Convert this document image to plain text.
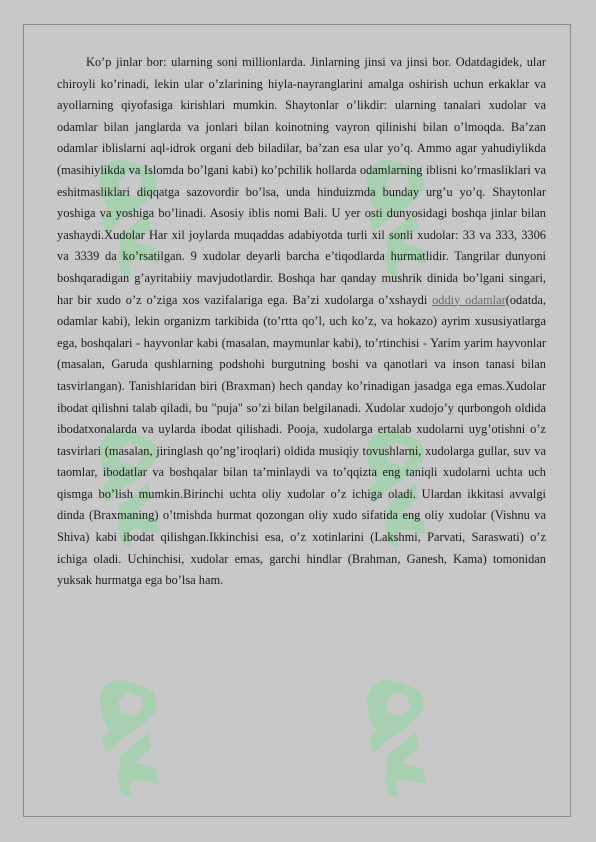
Ko’p jinlar bor: ularning soni millionlarda. Jinlarning jinsi va jinsi bor. Odatdagidek, ular chiroyli ko’rinadi, lekin ular o’zlarining hiyla-nayranglarini amalga oshirish uchun erkaklar va ayollarning qiyofasiga kirishlari mumkin. Shaytonlar o’likdir: ularning tanalari xudolar va odamlar bilan janglarda va jonlari bilan koinotning vayron qilinishi bilan o’lmoqda. Ba’zan odamlar iblislarni aql-idrok organi deb biladilar, ba’zan esa ular yo’q. Ammo agar yahudiylikda (masihiylikda va Islomda bo’lgani kabi) ko’pchilik hollarda odamlarning iblisni ko’rmasliklari va eshitmasliklari diqqatga sazovordir bo’lsa, unda hinduizmda bunday urg’u yo’q. Shaytonlar yoshiga va yoshiga bo’linadi. Asosiy iblis nomi Bali. U yer osti dunyosidagi boshqa jinlar bilan yashaydi.Xudolar Har xil joylarda muqaddas adabiyotda turli xil sonli xudolar: 33 va 333, 3306 va 3339 da ko’rsatilgan. 9 xudolar deyarli barcha e’tiqodlarda hurmatlidir. Tangrilar dunyoni boshqaradigan g’ayritabiiy mavjudotlardir. Boshqa har qanday mushrik dinida bo’lgani singari, har bir xudo o’z o’ziga xos vazifalariga ega. Ba’zi xudolarga o’xshaydi oddiy odamlar(odatda, odamlar kabi), lekin organizm tarkibida (to’rtta qo’l, uch ko’z, va hokazo) ayrim xususiyatlarga ega, boshqalari - hayvonlar kabi (masalan, maymunlar kabi), to’rtinchisi - Yarim yarim hayvonlar (masalan, Garuda qushlarning podshohi burgutning boshi va qanotlari va inson tanasi bilan tasvirlangan). Tanishlaridan biri (Braxman) hech qanday ko’rinadigan jasadga ega emas.Xudolar ibodat qilishni talab qiladi, bu "puja" so’zi bilan belgilanadi. Xudolar xudojo’y qurbongoh oldida ibodatxonalarda va uylarda ibodat qilishadi. Pooja, xudolarga ertalab xudolarni uyg’otishni o’z tasvirlari (masalan, jiringlash qo’ng’iroqlari) oldida musiqiy tovushlarni, xudolarga gullar, suv va taomlar, ibodatlar va boshqalar bilan ta’minlaydi va to’qqizta eng taniqli xudolarni uchta uch qismga bo’lish mumkin.Birinchi uchta oliy xudolar o’z ichiga oladi. Ulardan ikkitasi avvalgi dinda (Braxmaning) o’tmishda hurmat qozongan oliy xudo sifatida eng oliy xudolar (Vishnu va Shiva) kabi ibodat qilishgan.Ikkinchisi esa, o’z xotinlarini (Lakshmi, Parvati, Saraswati) o’z ichiga oladi. Uchinchisi, xudolar emas, garchi hindlar (Brahman, Ganesh, Kama) tomonidan yuksak hurmatga ega bo’lsa ham.
